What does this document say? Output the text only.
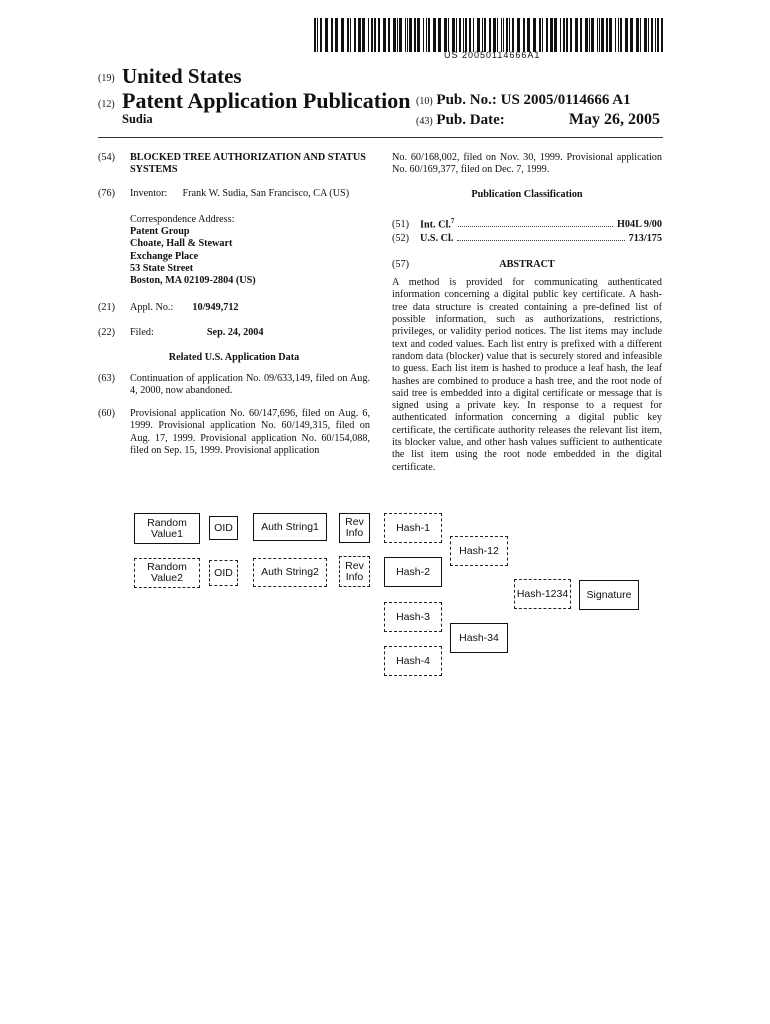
US 20050114666A1
(19) United States
(12) Patent Application Publication
Sudia
(10) Pub. No.: US 2005/0114666 A1
(43) Pub. Date:	May 26, 2005
(54) BLOCKED TREE AUTHORIZATION AND STATUS SYSTEMS
(76) Inventor: Frank W. Sudia, San Francisco, CA (US)
Correspondence Address:
Patent Group
Choate, Hall & Stewart
Exchange Place
53 State Street
Boston, MA 02109-2804 (US)
(21) Appl. No.: 10/949,712
(22) Filed:	Sep. 24, 2004
Related U.S. Application Data
(63) Continuation of application No. 09/633,149, filed on Aug. 4, 2000, now abandoned.
(60) Provisional application No. 60/147,696, filed on Aug. 6, 1999. Provisional application No. 60/149,315, filed on Aug. 17, 1999. Provisional application No. 60/154,088, filed on Sep. 15, 1999. Provisional application
No. 60/168,002, filed on Nov. 30, 1999. Provisional application No. 60/169,377, filed on Dec. 7, 1999.
Publication Classification
(51)	Int. Cl.$^7$	H04L 9/00
(52)	U.S. Cl.	713/175
(57)	ABSTRACT
A method is provided for communicating authenticated information concerning a digital public key certificate. A hash-tree data structure is created containing a pre-defined list of possible information, such as authorizations, restrictions, privileges, or validity period notices. The list items may include text and coded values. Each list entry is prefixed with a different random data (blocker) value that is securely stored and infeasible to guess. Each list item is hashed to produce a leaf hash, the leaf hashes are combined to produce a hash tree, and the root node of said tree is embedded into a digital certificate or message that is signed using a private key. In response to a request for authenticated information concerning a digital public key certificate, the certificate authority releases the relevant list item, its blocker value, and other hash values sufficient to authenticate the list item using the root node embedded in the digital certificate.
Random Value1	OID	Auth String1	Rev Info
Random Value2	OID	Auth String2
Rev Info
Hash-1
Hash-2
Hash-3
Hash-4
Hash-12
Hash-34
Hash-1234	Signature
